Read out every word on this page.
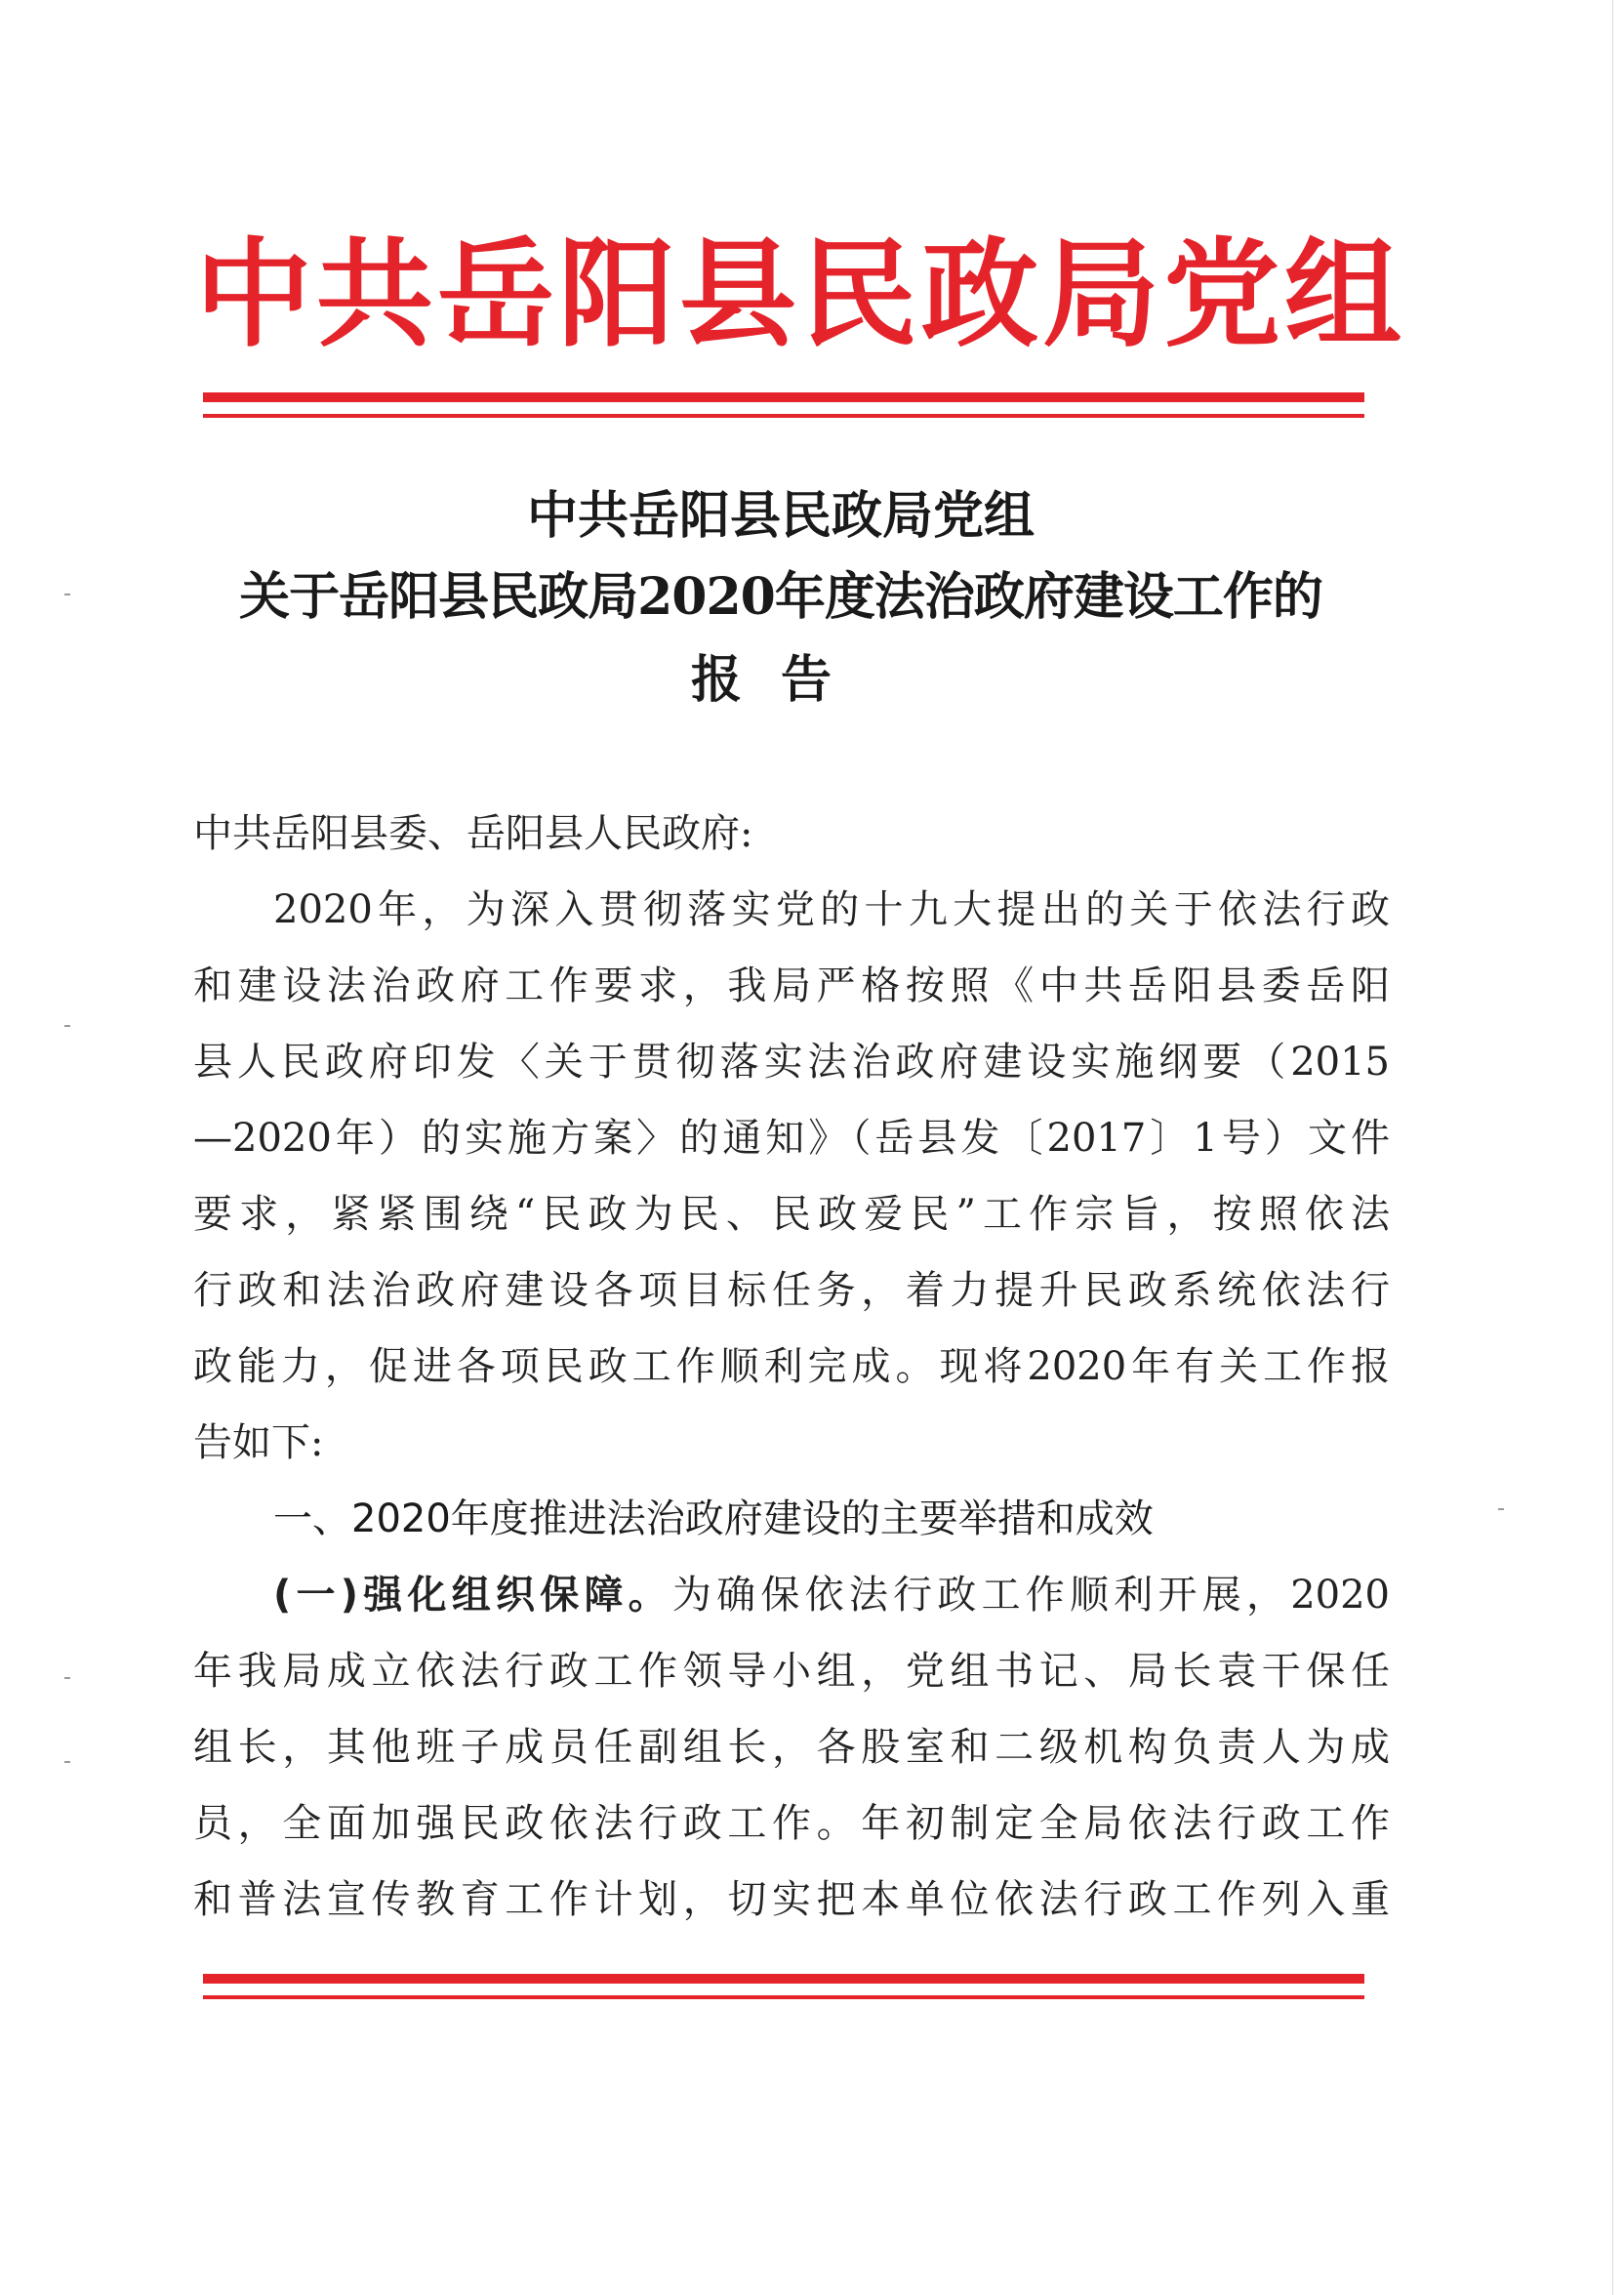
中共岳阳县民政局党组
中共岳阳县民政局党组
关于岳阳县民政局2020年度法治政府建设工作的
报告
中共岳阳县委、岳阳县人民政府:
2020年，为深入贯彻落实党的十九大提出的关于依法行政
和建设法治政府工作要求，我局严格按照《中共岳阳县委岳阳
县人民政府印发〈关于贯彻落实法治政府建设实施纲要（2015
—2020年）的实施方案〉的通知》（岳县发〔2017〕1号）文件
要求，紧紧围绕“民政为民、民政爱民”工作宗旨，按照依法
行政和法治政府建设各项目标任务，着力提升民政系统依法行
政能力，促进各项民政工作顺利完成。现将2020年有关工作报
告如下:
一、2020年度推进法治政府建设的主要举措和成效
(一)强化组织保障。为确保依法行政工作顺利开展，2020
年我局成立依法行政工作领导小组，党组书记、局长袁干保任
组长，其他班子成员任副组长，各股室和二级机构负责人为成
员，全面加强民政依法行政工作。年初制定全局依法行政工作
和普法宣传教育工作计划，切实把本单位依法行政工作列入重
